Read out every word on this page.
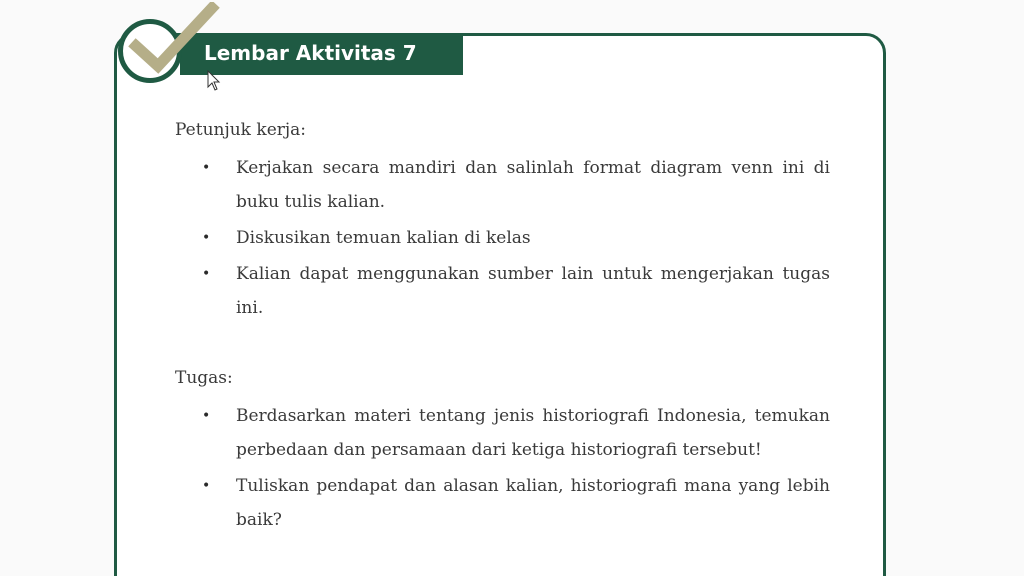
Lembar Aktivitas 7

Petunjuk kerja:

• Kerjakan secara mandiri dan salinlah format diagram venn ini di buku tulis kalian.
• Diskusikan temuan kalian di kelas
• Kalian dapat menggunakan sumber lain untuk mengerjakan tugas ini.

Tugas:

• Berdasarkan materi tentang jenis historiografi Indonesia, temukan perbedaan dan persamaan dari ketiga historiografi tersebut!
• Tuliskan pendapat dan alasan kalian, historiografi mana yang lebih baik?
